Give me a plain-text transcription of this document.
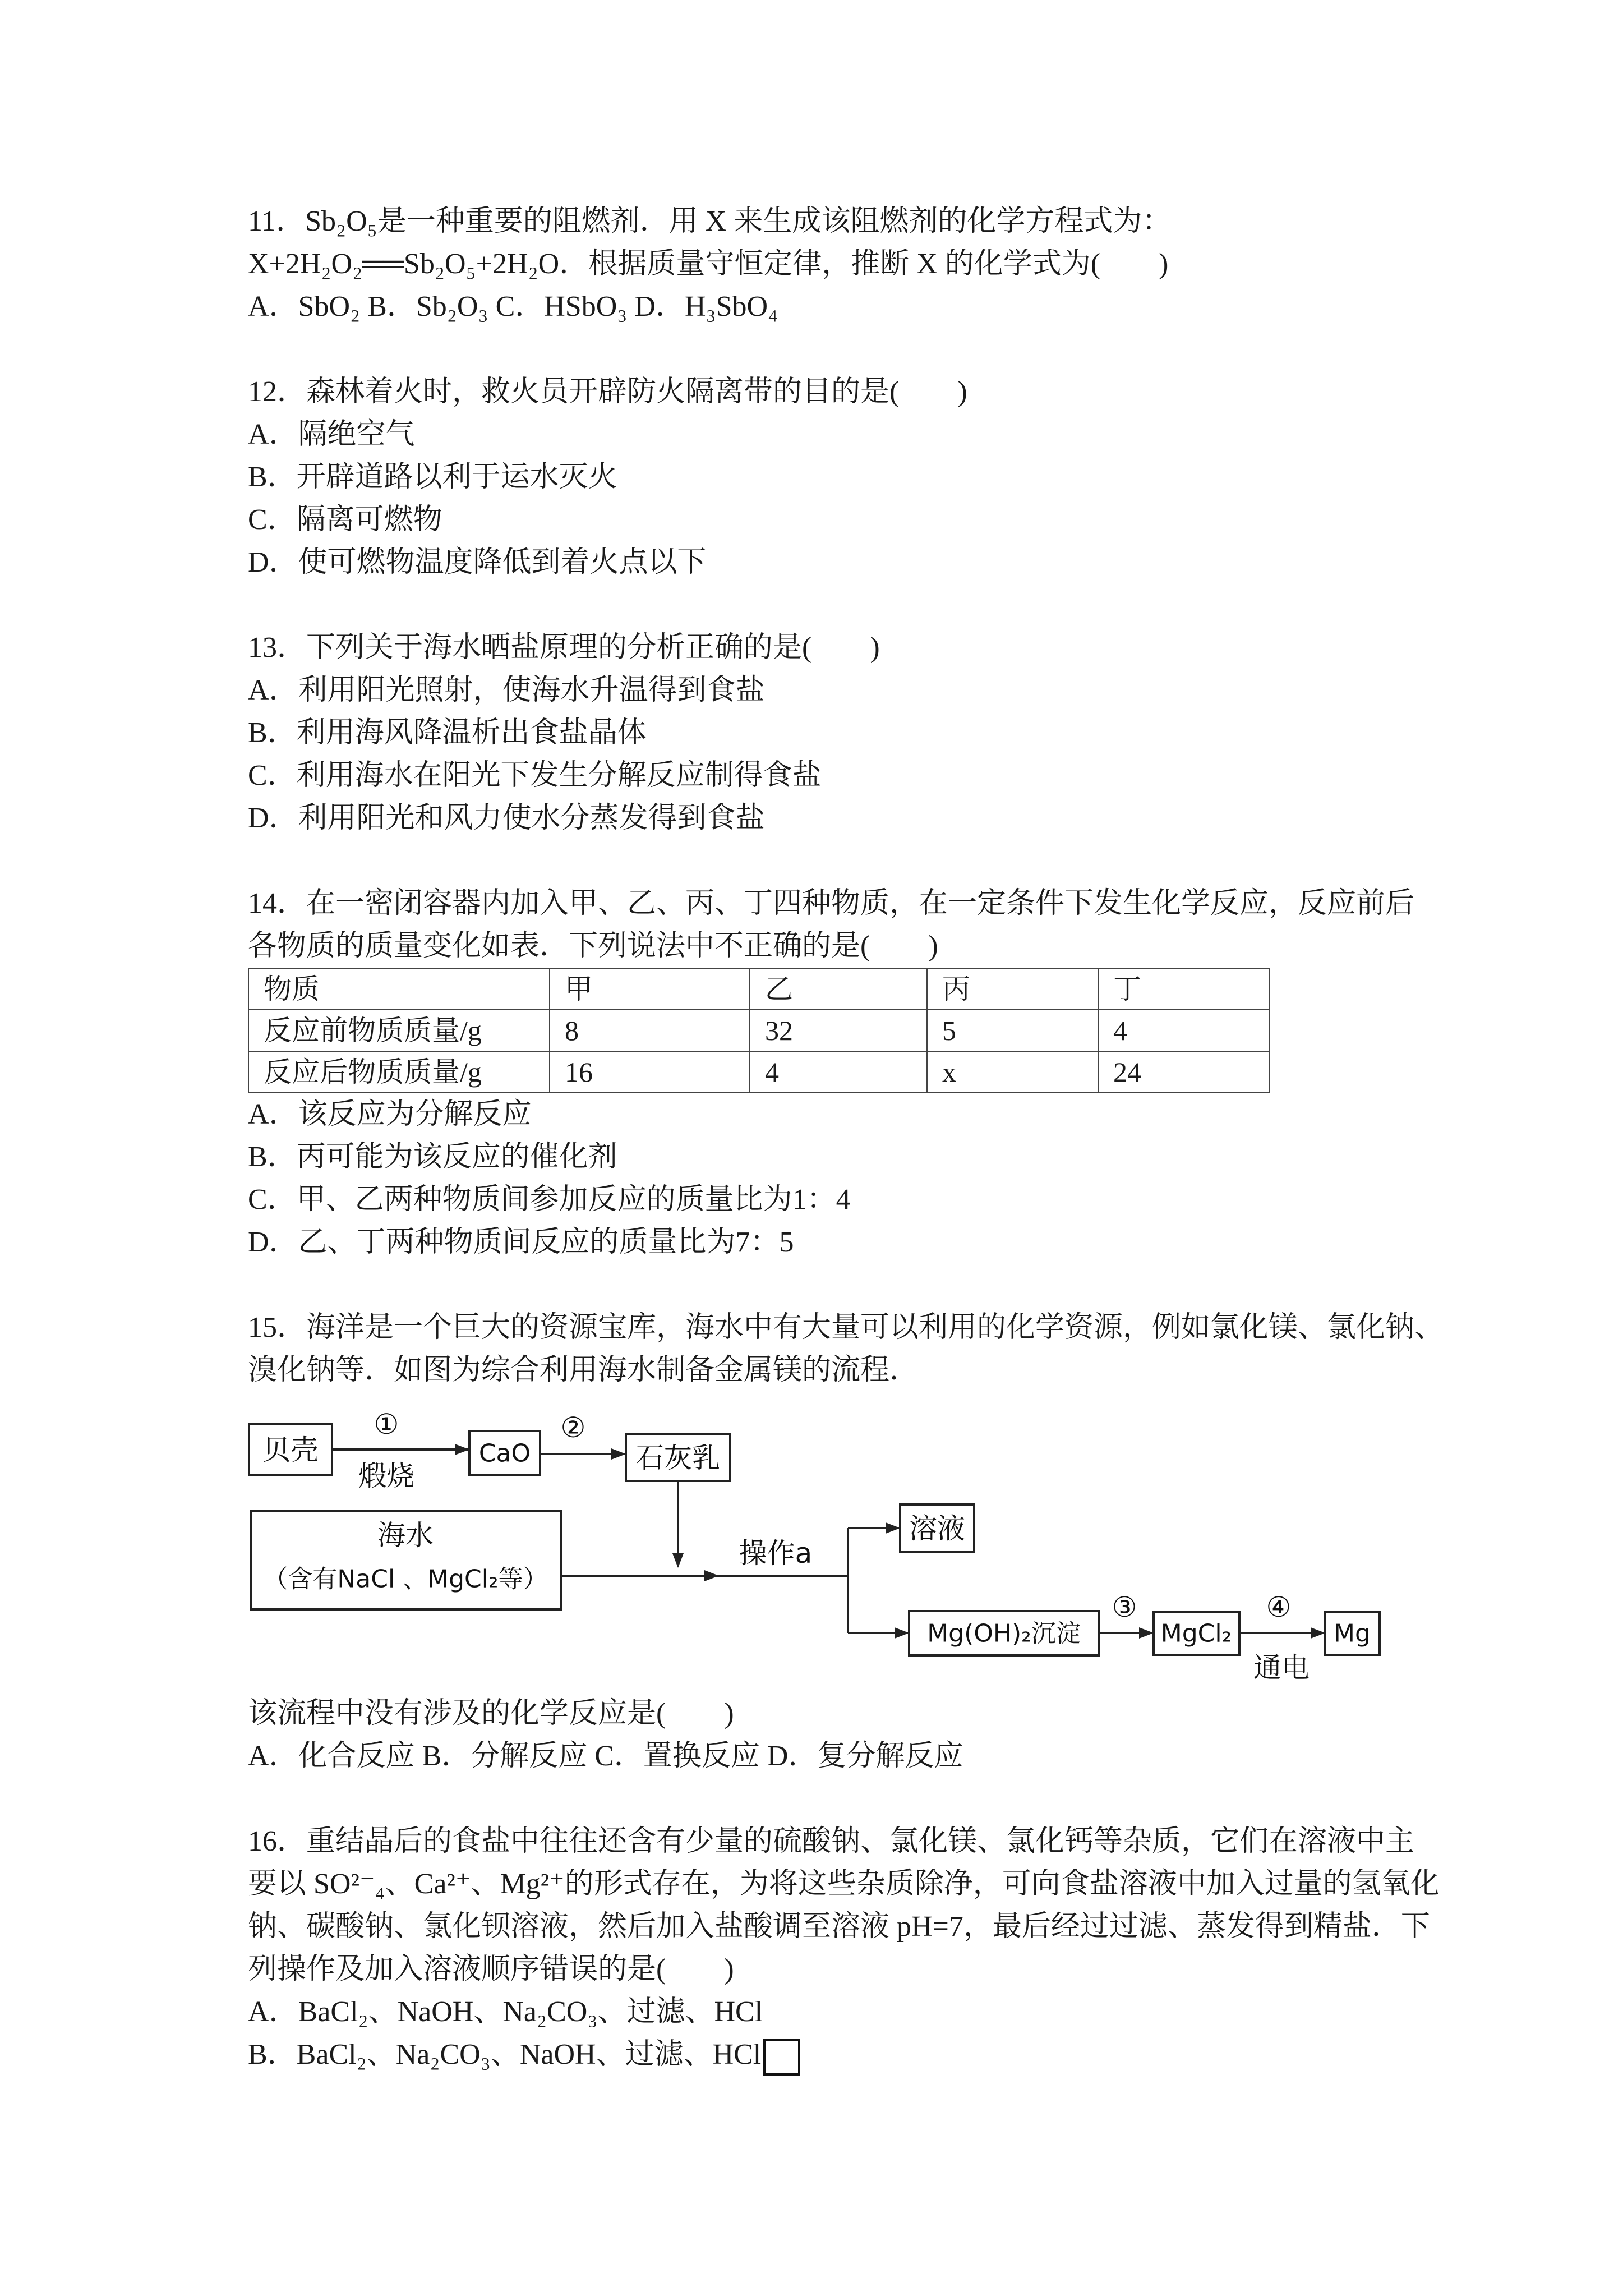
11．Sb₂O₅是一种重要的阻燃剂．用 X 来生成该阻燃剂的化学方程式为：
X+2H₂O₂══Sb₂O₅+2H₂O．根据质量守恒定律，推断 X 的化学式为(　　)
A．SbO₂ B．Sb₂O₃ C．HSbO₃ D．H₃SbO₄
12．森林着火时，救火员开辟防火隔离带的目的是(　　)
A．隔绝空气
B．开辟道路以利于运水灭火
C．隔离可燃物
D．使可燃物温度降低到着火点以下
13．下列关于海水晒盐原理的分析正确的是(　　)
A．利用阳光照射，使海水升温得到食盐
B．利用海风降温析出食盐晶体
C．利用海水在阳光下发生分解反应制得食盐
D．利用阳光和风力使水分蒸发得到食盐
14．在一密闭容器内加入甲、乙、丙、丁四种物质，在一定条件下发生化学反应，反应前后
各物质的质量变化如表．下列说法中不正确的是(　　)
物质	甲	乙	丙	丁
反应前物质质量/g	8	32	5	4
反应后物质质量/g	16	4	x	24
A．该反应为分解反应
B．丙可能为该反应的催化剂
C．甲、乙两种物质间参加反应的质量比为1：4
D．乙、丁两种物质间反应的质量比为7：5
15．海洋是一个巨大的资源宝库，海水中有大量可以利用的化学资源，例如氯化镁、氯化钠、
溴化钠等．如图为综合利用海水制备金属镁的流程．
贝壳
①
煅烧
CaO
②
石灰乳
海水
（含有NaCl 、MgCl₂等）
操作a
溶液
Mg(OH)₂沉淀
③
MgCl₂
④
通电
Mg
该流程中没有涉及的化学反应是(　　)
A．化合反应 B．分解反应 C．置换反应 D．复分解反应
16．重结晶后的食盐中往往还含有少量的硫酸钠、氯化镁、氯化钙等杂质，它们在溶液中主
要以 SO²⁻₄、Ca²⁺、Mg²⁺的形式存在，为将这些杂质除净，可向食盐溶液中加入过量的氢氧化
钠、碳酸钠、氯化钡溶液，然后加入盐酸调至溶液 pH=7，最后经过过滤、蒸发得到精盐．下
列操作及加入溶液顺序错误的是(　　)
A．BaCl₂、NaOH、Na₂CO₃、过滤、HCl
B．BaCl₂、Na₂CO₃、NaOH、过滤、HCl
